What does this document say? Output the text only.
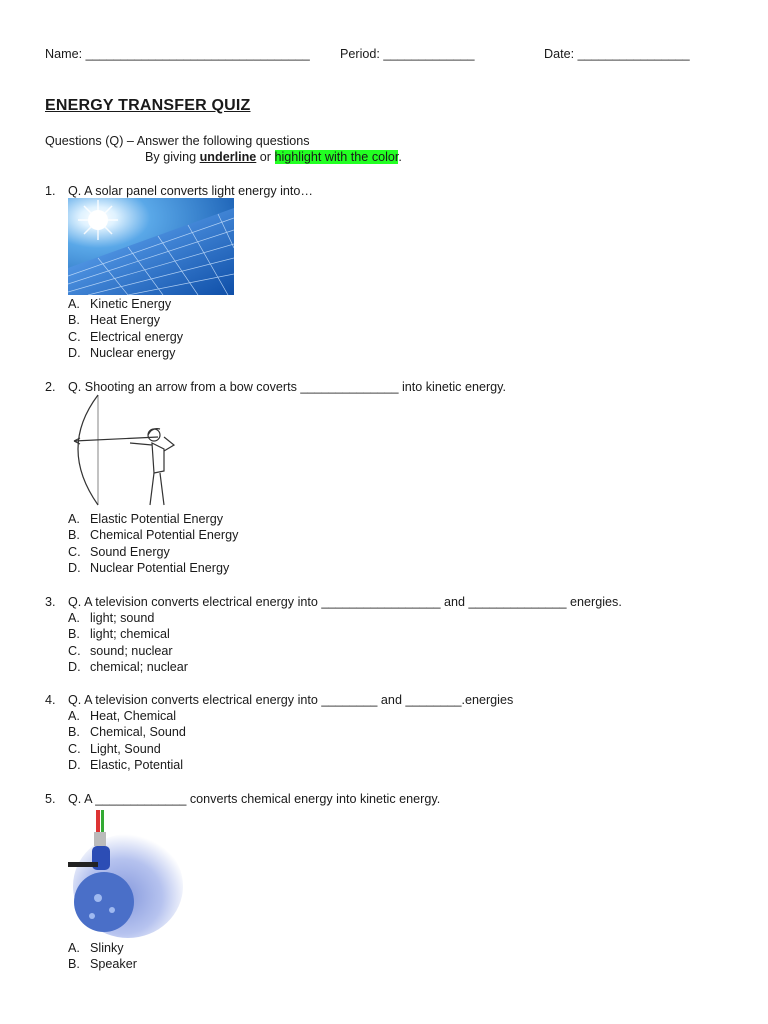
Name: ________________________________ Period: _____________	Date: ________________
ENERGY TRANSFER QUIZ
Questions (Q) – Answer the following questions
By giving underline or highlight with the color.
1. Q. A solar panel converts light energy into…
A. Kinetic Energy
B. Heat Energy
C. Electrical energy
D. Nuclear energy
2. Q. Shooting an arrow from a bow coverts ______________ into kinetic energy.
A. Elastic Potential Energy
B. Chemical Potential Energy
C. Sound Energy
D. Nuclear Potential Energy
3. Q. A television converts electrical energy into _________________ and ______________ energies.
A. light; sound
B. light; chemical
C. sound; nuclear
D. chemical; nuclear
4. Q. A television converts electrical energy into ________ and ________.energies
A. Heat, Chemical
B. Chemical, Sound
C. Light, Sound
D. Elastic, Potential
5. Q. A _____________ converts chemical energy into kinetic energy.
A. Slinky
B. Speaker
